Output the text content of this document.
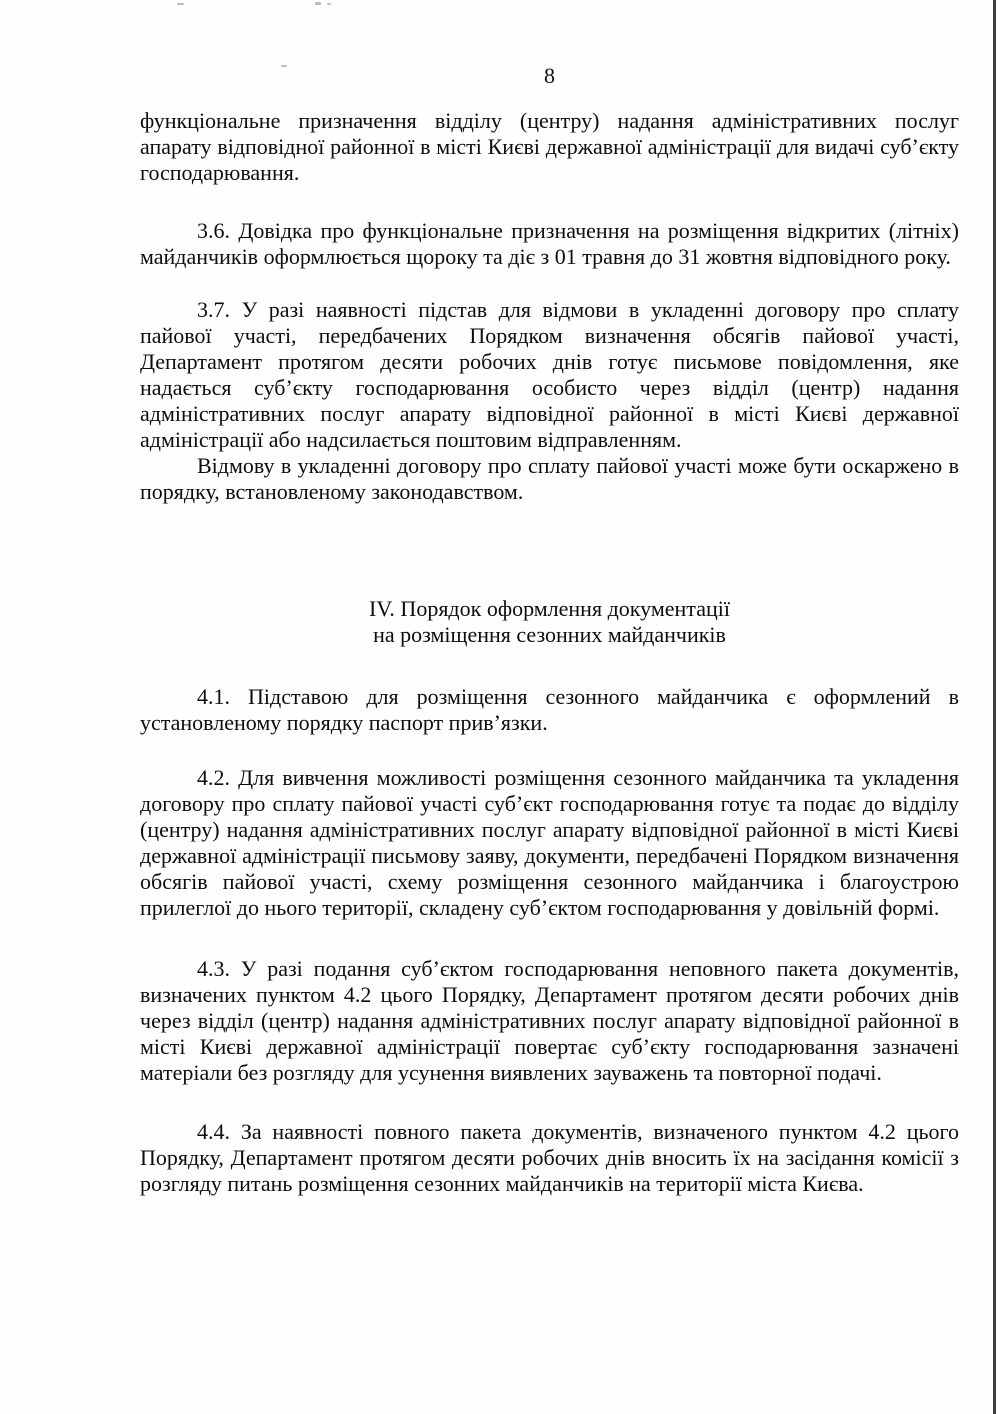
8

функціональне призначення відділу (центру) надання адміністративних послуг апарату відповідної районної в місті Києві державної адміністрації для видачі суб’єкту господарювання.

3.6. Довідка про функціональне призначення на розміщення відкритих (літніх) майданчиків оформлюється щороку та діє з 01 травня до 31 жовтня відповідного року.

3.7. У разі наявності підстав для відмови в укладенні договору про сплату пайової участі, передбачених Порядком визначення обсягів пайової участі, Департамент протягом десяти робочих днів готує письмове повідомлення, яке надається суб’єкту господарювання особисто через відділ (центр) надання адміністративних послуг апарату відповідної районної в місті Києві державної адміністрації або надсилається поштовим відправленням.

Відмову в укладенні договору про сплату пайової участі може бути оскаржено в порядку, встановленому законодавством.

IV. Порядок оформлення документації
на розміщення сезонних майданчиків

4.1. Підставою для розміщення сезонного майданчика є оформлений в установленому порядку паспорт прив’язки.

4.2. Для вивчення можливості розміщення сезонного майданчика та укладення договору про сплату пайової участі суб’єкт господарювання готує та подає до відділу (центру) надання адміністративних послуг апарату відповідної районної в місті Києві державної адміністрації письмову заяву, документи, передбачені Порядком визначення обсягів пайової участі, схему розміщення сезонного майданчика і благоустрою прилеглої до нього території, складену суб’єктом господарювання у довільній формі.

4.3. У разі подання суб’єктом господарювання неповного пакета документів, визначених пунктом 4.2 цього Порядку, Департамент протягом десяти робочих днів через відділ (центр) надання адміністративних послуг апарату відповідної районної в місті Києві державної адміністрації повертає суб’єкту господарювання зазначені матеріали без розгляду для усунення виявлених зауважень та повторної подачі.

4.4. За наявності повного пакета документів, визначеного пунктом 4.2 цього Порядку, Департамент протягом десяти робочих днів вносить їх на засідання комісії з розгляду питань розміщення сезонних майданчиків на території міста Києва.
